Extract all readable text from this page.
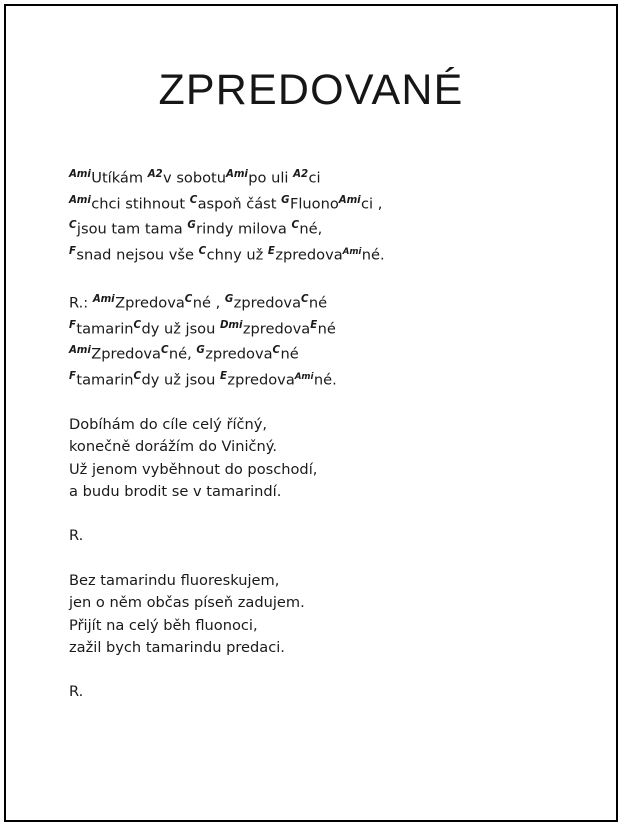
ZPREDOVANÉ
$^{Ami}$Utíkám $^{A2}$v sobotu$^{Ami}$po uli $^{A2}$ci
$^{Ami}$chci stihnout $^C$aspoň část $^G$Fluono$^{Ami}$ci ,
$^C$jsou tam tama $^G$rindy milova $^C$né,
$^F$snad nejsou vše $^C$chny už $^E$zpredova$^{Ami}$né.
R.: $^{Ami}$Zpredova$^C$né , $^G$zpredova$^C$né
$^F$tamarin$^C$dy už jsou $^{Dmi}$zpredova$^E$né
$^{Ami}$Zpredova$^C$né, $^G$zpredova$^C$né
$^F$tamarin$^C$dy už jsou $^E$zpredova$^{Ami}$né.
Dobíhám do cíle celý říčný,
konečně dorážím do Viničný.
Už jenom vyběhnout do poschodí,
a budu brodit se v tamarindí.
R.
Bez tamarindu fluoreskujem,
jen o něm občas píseň zadujem.
Přijít na celý běh fluonoci,
zažil bych tamarindu predaci.
R.
